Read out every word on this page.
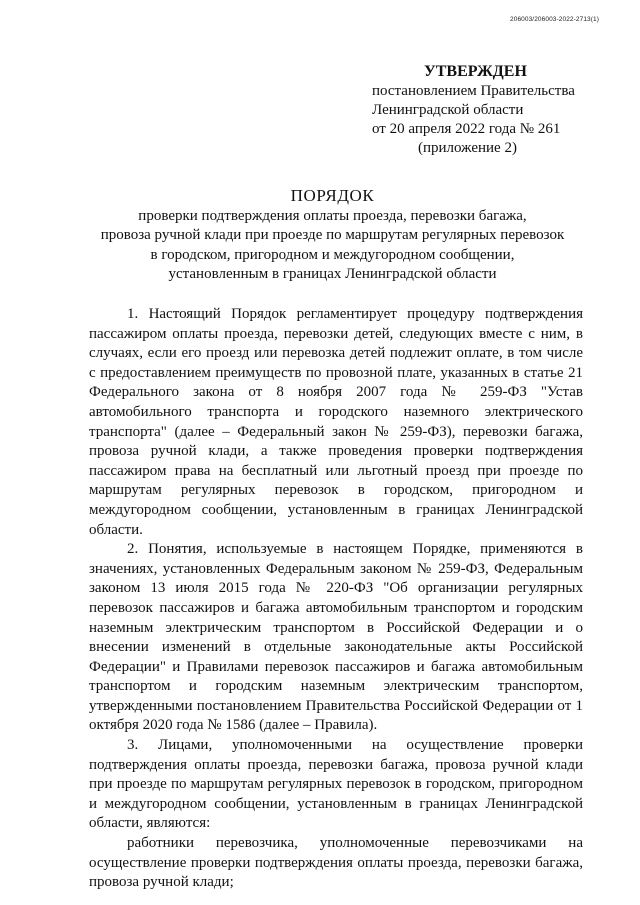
206003/206003-2022-2713(1)
УТВЕРЖДЕН
постановлением Правительства
Ленинградской области
от 20 апреля 2022 года № 261
(приложение 2)
ПОРЯДОК
проверки подтверждения оплаты проезда, перевозки багажа,
провоза ручной клади при проезде по маршрутам регулярных перевозок
в городском, пригородном и междугородном сообщении,
установленным в границах Ленинградской области

1. Настоящий Порядок регламентирует процедуру подтверждения пассажиром оплаты проезда, перевозки детей, следующих вместе с ним, в случаях, если его проезд или перевозка детей подлежит оплате, в том числе с предоставлением преимуществ по провозной плате, указанных в статье 21 Федерального закона от 8 ноября 2007 года № 259-ФЗ "Устав автомобильного транспорта и городского наземного электрического транспорта" (далее – Федеральный закон № 259-ФЗ), перевозки багажа, провоза ручной клади, а также проведения проверки подтверждения пассажиром права на бесплатный или льготный проезд при проезде по маршрутам регулярных перевозок в городском, пригородном и междугородном сообщении, установленным в границах Ленинградской области.

2. Понятия, используемые в настоящем Порядке, применяются в значениях, установленных Федеральным законом № 259-ФЗ, Федеральным законом 13 июля 2015 года № 220-ФЗ "Об организации регулярных перевозок пассажиров и багажа автомобильным транспортом и городским наземным электрическим транспортом в Российской Федерации и о внесении изменений в отдельные законодательные акты Российской Федерации" и Правилами перевозок пассажиров и багажа автомобильным транспортом и городским наземным электрическим транспортом, утвержденными постановлением Правительства Российской Федерации от 1 октября 2020 года № 1586 (далее – Правила).

3. Лицами, уполномоченными на осуществление проверки подтверждения оплаты проезда, перевозки багажа, провоза ручной клади при проезде по маршрутам регулярных перевозок в городском, пригородном и междугородном сообщении, установленным в границах Ленинградской области, являются:

работники перевозчика, уполномоченные перевозчиками на осуществление проверки подтверждения оплаты проезда, перевозки багажа, провоза ручной клади;
